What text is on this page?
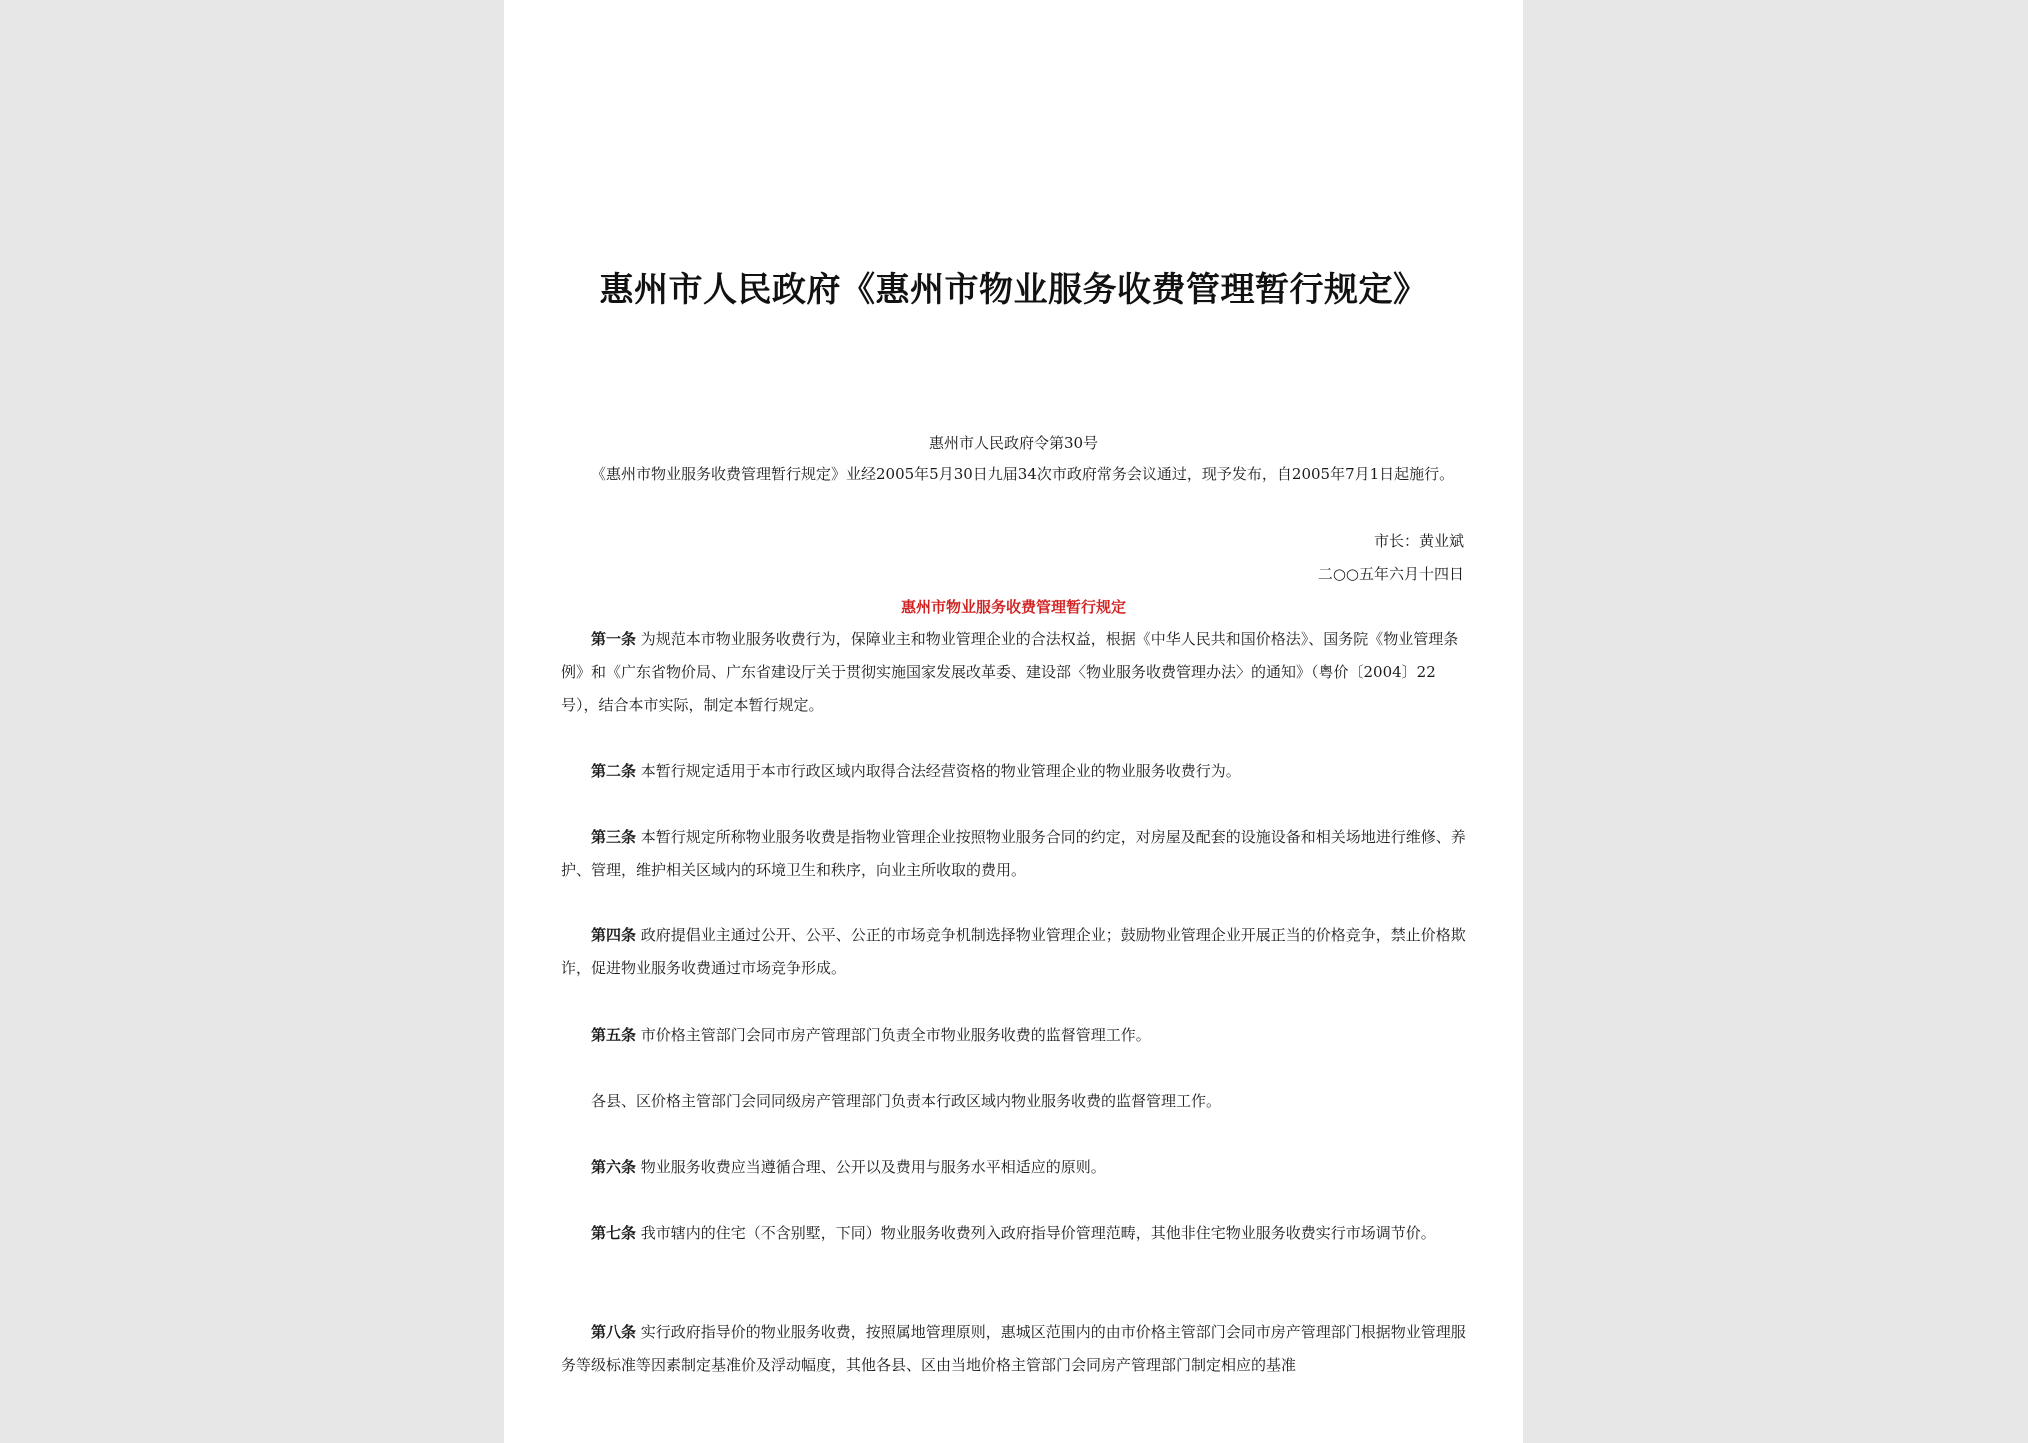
惠州市人民政府《惠州市物业服务收费管理暂行规定》
惠州市人民政府令第30号
《惠州市物业服务收费管理暂行规定》业经2005年5月30日九届34次市政府常务会议通过，现予发布，自2005年7月1日起施行。
市长：黄业斌
二○○五年六月十四日
惠州市物业服务收费管理暂行规定
第一条 为规范本市物业服务收费行为，保障业主和物业管理企业的合法权益，根据《中华人民共和国价格法》、国务院《物业管理条例》和《广东省物价局、广东省建设厅关于贯彻实施国家发展改革委、建设部〈物业服务收费管理办法〉的通知》（粤价〔2004〕22号），结合本市实际，制定本暂行规定。
第二条 本暂行规定适用于本市行政区域内取得合法经营资格的物业管理企业的物业服务收费行为。
第三条 本暂行规定所称物业服务收费是指物业管理企业按照物业服务合同的约定，对房屋及配套的设施设备和相关场地进行维修、养护、管理，维护相关区域内的环境卫生和秩序，向业主所收取的费用。
第四条 政府提倡业主通过公开、公平、公正的市场竞争机制选择物业管理企业；鼓励物业管理企业开展正当的价格竞争，禁止价格欺诈，促进物业服务收费通过市场竞争形成。
第五条 市价格主管部门会同市房产管理部门负责全市物业服务收费的监督管理工作。
各县、区价格主管部门会同同级房产管理部门负责本行政区域内物业服务收费的监督管理工作。
第六条 物业服务收费应当遵循合理、公开以及费用与服务水平相适应的原则。
第七条 我市辖内的住宅（不含别墅，下同）物业服务收费列入政府指导价管理范畴，其他非住宅物业服务收费实行市场调节价。
第八条 实行政府指导价的物业服务收费，按照属地管理原则，惠城区范围内的由市价格主管部门会同市房产管理部门根据物业管理服务等级标准等因素制定基准价及浮动幅度，其他各县、区由当地价格主管部门会同房产管理部门制定相应的基准
